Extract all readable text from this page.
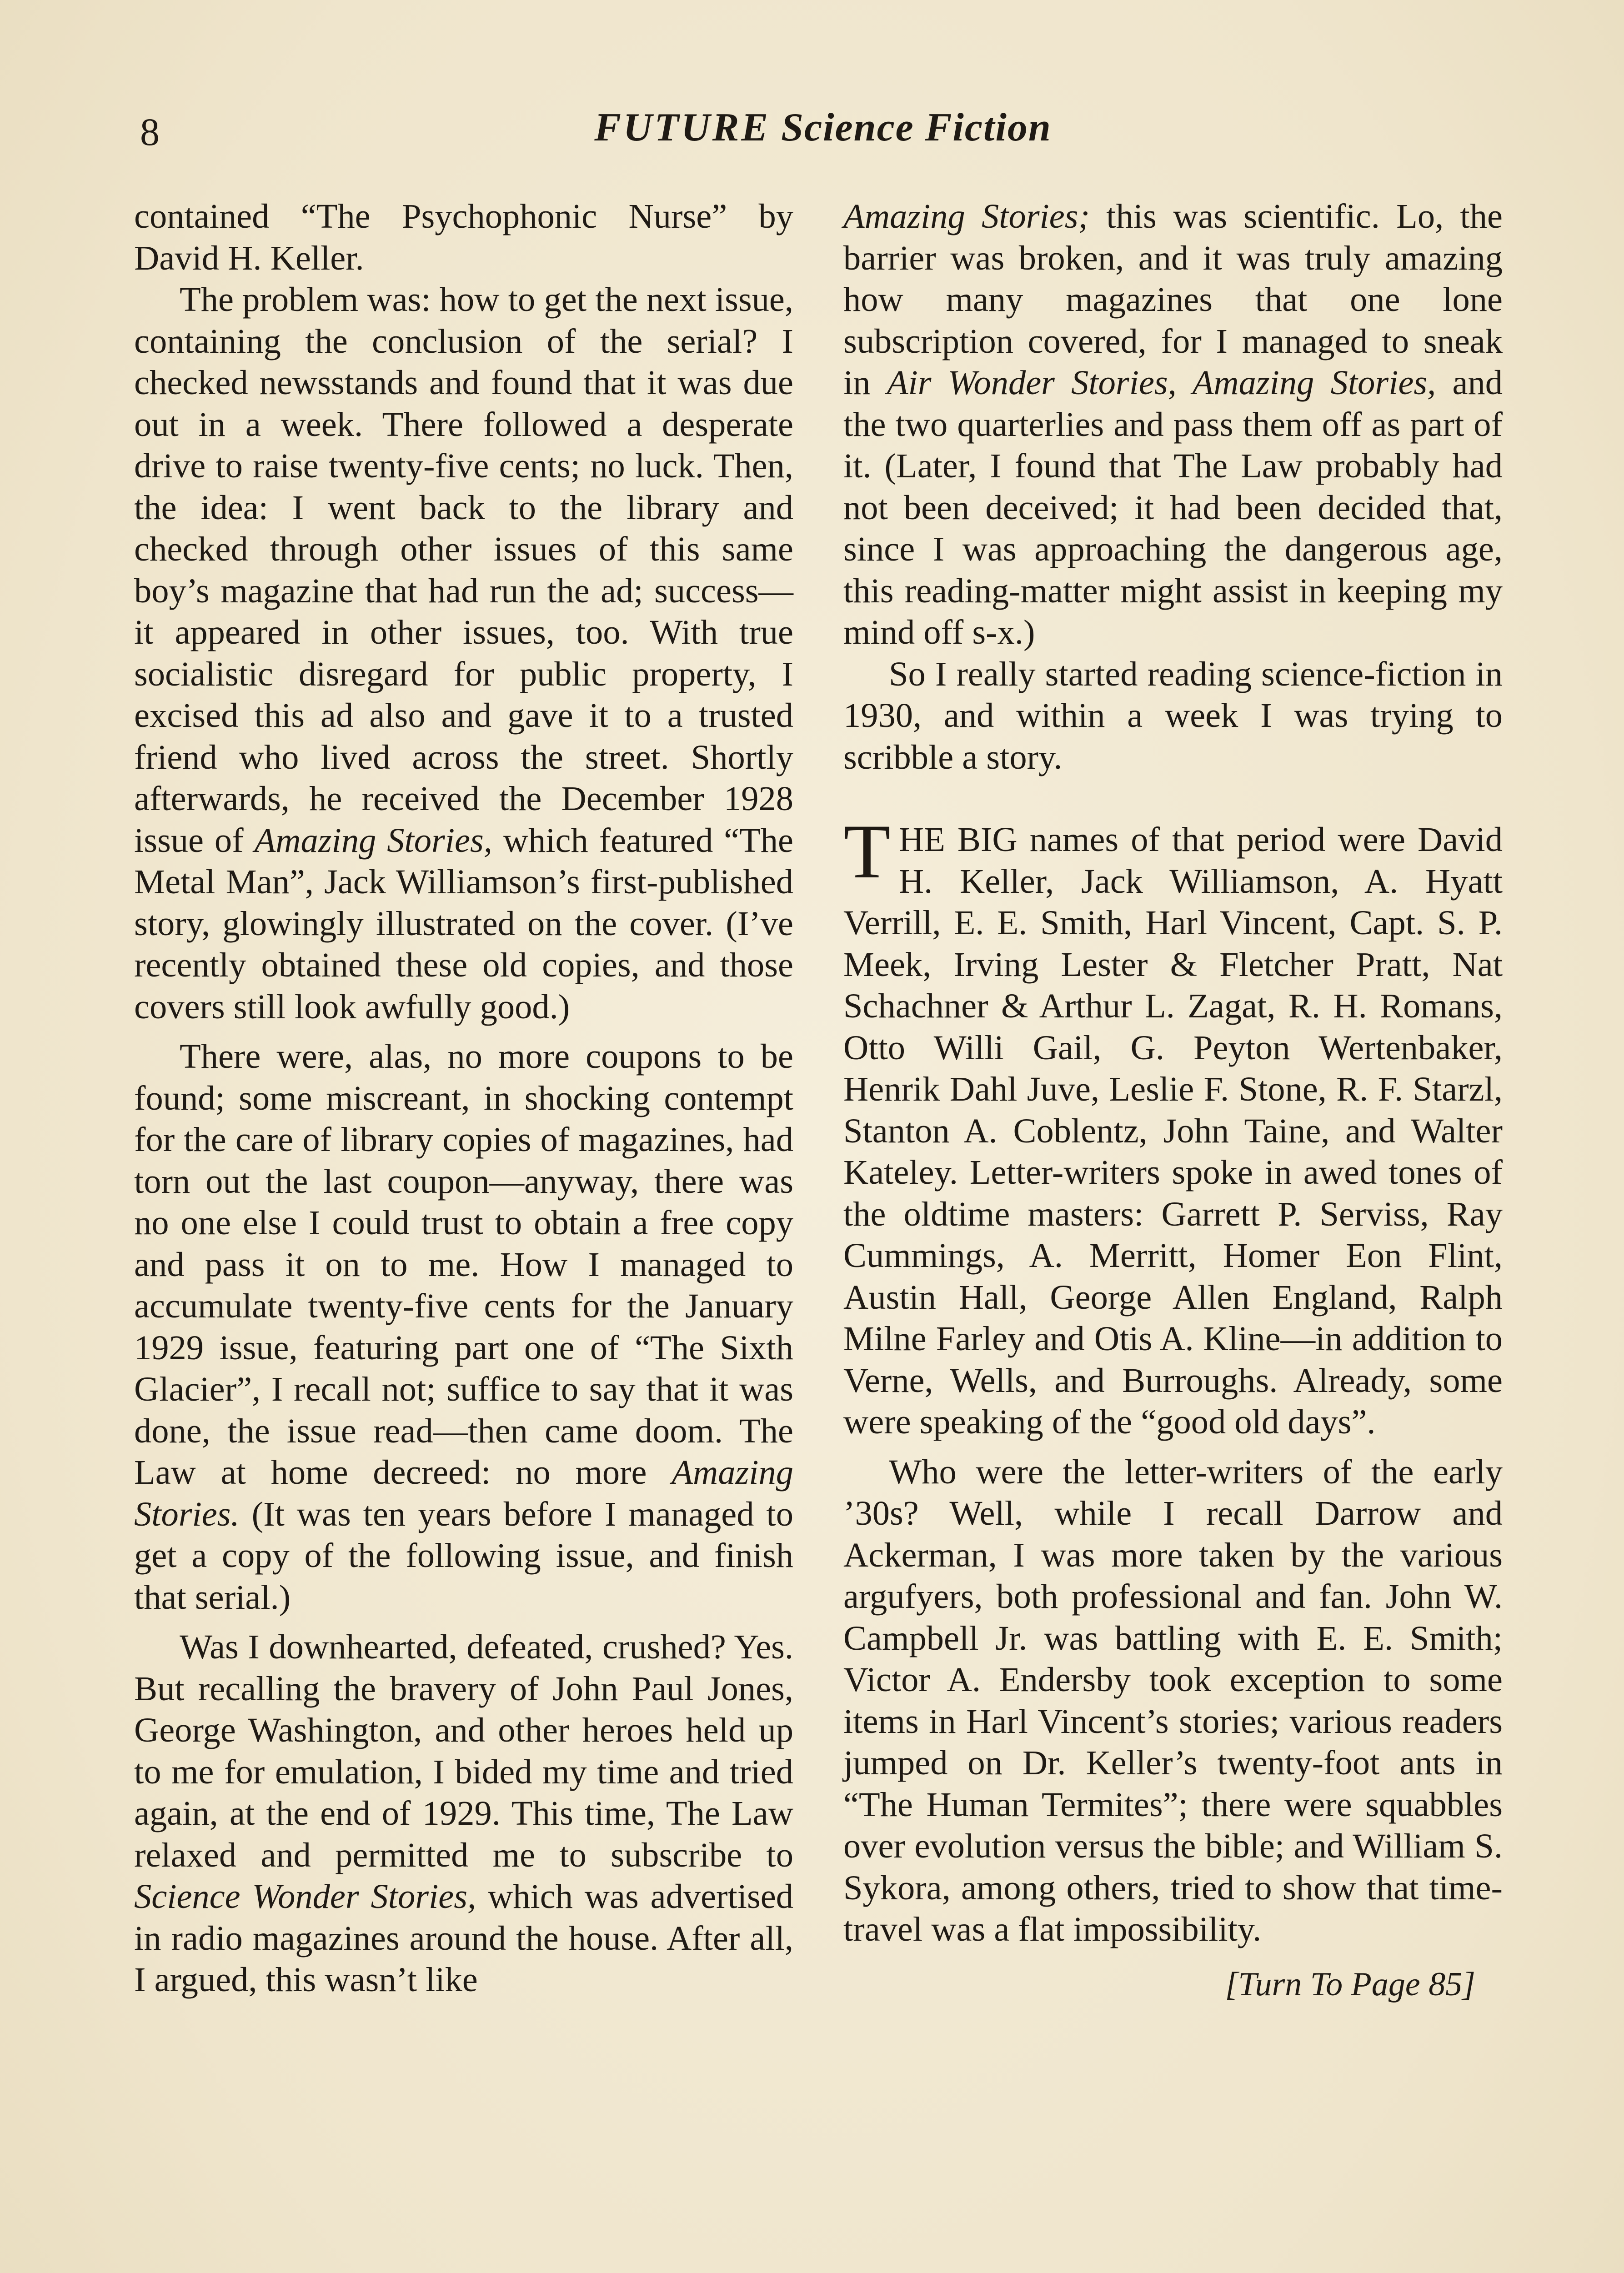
8	FUTURE Science Fiction

contained “The Psychophonic Nurse” by David H. Keller.

The problem was: how to get the next issue, containing the conclusion of the serial? I checked newsstands and found that it was due out in a week. There followed a desperate drive to raise twenty-five cents; no luck. Then, the idea: I went back to the library and checked through other issues of this same boy’s magazine that had run the ad; success—it appeared in other issues, too. With true socialistic disregard for public property, I excised this ad also and gave it to a trusted friend who lived across the street. Shortly afterwards, he received the December 1928 issue of Amazing Stories, which featured “The Metal Man”, Jack Williamson’s first-published story, glowingly illustrated on the cover. (I’ve recently obtained these old copies, and those covers still look awfully good.)

There were, alas, no more coupons to be found; some miscreant, in shocking contempt for the care of library copies of magazines, had torn out the last coupon—anyway, there was no one else I could trust to obtain a free copy and pass it on to me. How I managed to accumulate twenty-five cents for the January 1929 issue, featuring part one of “The Sixth Glacier”, I recall not; suffice to say that it was done, the issue read—then came doom. The Law at home decreed: no more Amazing Stories. (It was ten years before I managed to get a copy of the following issue, and finish that serial.)

Was I downhearted, defeated, crushed? Yes. But recalling the bravery of John Paul Jones, George Washington, and other heroes held up to me for emulation, I bided my time and tried again, at the end of 1929. This time, The Law relaxed and permitted me to subscribe to Science Wonder Stories, which was advertised in radio magazines around the house. After all, I argued, this wasn’t like

Amazing Stories; this was scientific. Lo, the barrier was broken, and it was truly amazing how many magazines that one lone subscription covered, for I managed to sneak in Air Wonder Stories, Amazing Stories, and the two quarterlies and pass them off as part of it. (Later, I found that The Law probably had not been deceived; it had been decided that, since I was approaching the dangerous age, this reading-matter might assist in keeping my mind off s-x.)

So I really started reading science-fiction in 1930, and within a week I was trying to scribble a story.

THE BIG names of that period were David H. Keller, Jack Williamson, A. Hyatt Verrill, E. E. Smith, Harl Vincent, Capt. S. P. Meek, Irving Lester & Fletcher Pratt, Nat Schachner & Arthur L. Zagat, R. H. Romans, Otto Willi Gail, G. Peyton Wertenbaker, Henrik Dahl Juve, Leslie F. Stone, R. F. Starzl, Stanton A. Coblentz, John Taine, and Walter Kateley. Letter-writers spoke in awed tones of the oldtime masters: Garrett P. Serviss, Ray Cummings, A. Merritt, Homer Eon Flint, Austin Hall, George Allen England, Ralph Milne Farley and Otis A. Kline—in addition to Verne, Wells, and Burroughs. Already, some were speaking of the “good old days”.

Who were the letter-writers of the early ’30s? Well, while I recall Darrow and Ackerman, I was more taken by the various argufyers, both professional and fan. John W. Campbell Jr. was battling with E. E. Smith; Victor A. Endersby took exception to some items in Harl Vincent’s stories; various readers jumped on Dr. Keller’s twenty-foot ants in “The Human Termites”; there were squabbles over evolution versus the bible; and William S. Sykora, among others, tried to show that time-travel was a flat impossibility.

[Turn To Page 85]
